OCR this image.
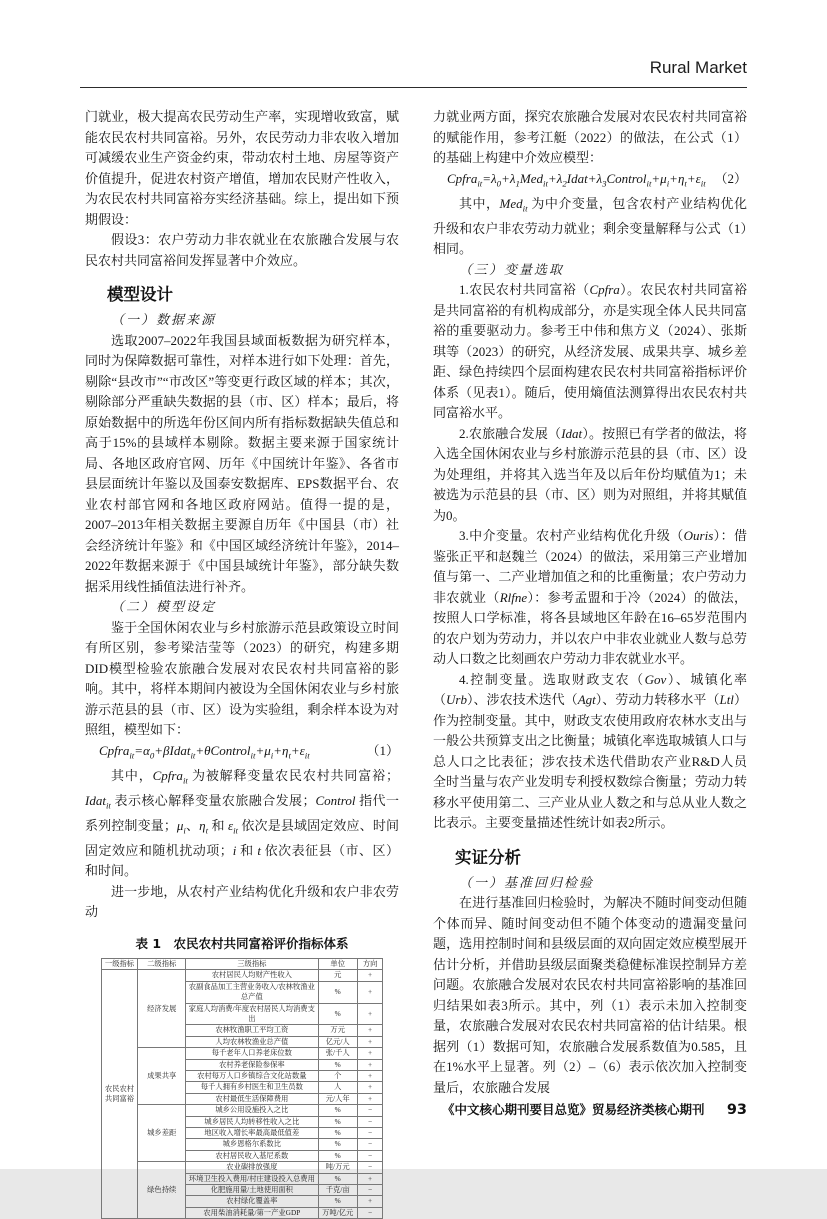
Rural Market

门就业，极大提高农民劳动生产率，实现增收致富，赋能农民农村共同富裕。另外，农民劳动力非农收入增加可减缓农业生产资金约束，带动农村土地、房屋等资产价值提升，促进农村资产增值，增加农民财产性收入，为农民农村共同富裕夯实经济基础。综上，提出如下预期假设：

假设3：农户劳动力非农就业在农旅融合发展与农民农村共同富裕间发挥显著中介效应。

模型设计

（一）数据来源

选取2007–2022年我国县域面板数据为研究样本，同时为保障数据可靠性，对样本进行如下处理：首先，剔除“县改市”“市改区”等变更行政区域的样本；其次，剔除部分严重缺失数据的县（市、区）样本；最后，将原始数据中的所选年份区间内所有指标数据缺失值总和高于15%的县域样本剔除。数据主要来源于国家统计局、各地区政府官网、历年《中国统计年鉴》、各省市县层面统计年鉴以及国泰安数据库、EPS数据平台、农业农村部官网和各地区政府网站。值得一提的是，2007–2013年相关数据主要源自历年《中国县（市）社会经济统计年鉴》和《中国区域经济统计年鉴》，2014–2022年数据来源于《中国县域统计年鉴》，部分缺失数据采用线性插值法进行补齐。

（二）模型设定

鉴于全国休闲农业与乡村旅游示范县政策设立时间有所区别，参考梁洁莹等（2023）的研究，构建多期DID模型检验农旅融合发展对农民农村共同富裕的影响。其中，将样本期间内被设为全国休闲农业与乡村旅游示范县的县（市、区）设为实验组，剩余样本设为对照组，模型如下：

$Cpfra_{it}=\alpha_0+\beta Idat_{it}+\theta Control_{it}+\mu_i+\eta_t+\varepsilon_{it}$	（1）

其中，Cpfra$_{it}$ 为被解释变量农民农村共同富裕；Idat$_{it}$ 表示核心解释变量农旅融合发展；Control 指代一系列控制变量；$\mu_i$、$\eta_t$ 和 $\varepsilon_{it}$ 依次是县域固定效应、时间固定效应和随机扰动项；i 和 t 依次表征县（市、区）和时间。

进一步地，从农村产业结构优化升级和农户非农劳动

表 1　农民农村共同富裕评价指标体系
一级指标	二级指标	三级指标	单位	方向
农民农村共同富裕	经济发展	农村居民人均财产性收入	元	+
		农副食品加工主营业务收入/农林牧渔业总产值	%	+
		家庭人均消费/年度农村居民人均消费支出	%	+
		农林牧渔职工平均工资	万元	+
		人均农林牧渔业总产值	亿元/人	+
	成果共享	每千老年人口养老床位数	张/千人	+
		农村养老保险参保率	%	+
		农村每万人口乡镇综合文化站数量	个	+
		每千人拥有乡村医生和卫生员数	人	+
		农村最低生活保障费用	元/人年	+
	城乡差距	城乡公用设施投入之比	%	−
		城乡居民人均转移性收入之比	%	−
		地区收入增长率最高最低值差	%	−
		城乡恩格尔系数比	%	−
		农村居民收入基尼系数	%	−
	绿色持续	农业碳排放强度	吨/万元	−
		环境卫生投入费用/村庄建设投入总费用	%	+
		化肥施用量/土地使用面积	千克/亩	−
		农村绿化覆盖率	%	+
		农用柴油消耗量/第一产业GDP	万吨/亿元	−

力就业两方面，探究农旅融合发展对农民农村共同富裕的赋能作用，参考江艇（2022）的做法，在公式（1）的基础上构建中介效应模型：

$Cpfra_{it}=\lambda_0+\lambda_1Med_{it}+\lambda_2Idat+\lambda_3Control_{it}+\mu_i+\eta_t+\varepsilon_{it}$ （2）

其中，Med$_{it}$ 为中介变量，包含农村产业结构优化升级和农户非农劳动力就业；剩余变量解释与公式（1）相同。

（三）变量选取

1.农民农村共同富裕（Cpfra）。农民农村共同富裕是共同富裕的有机构成部分，亦是实现全体人民共同富裕的重要驱动力。参考王中伟和焦方义（2024）、张斯琪等（2023）的研究，从经济发展、成果共享、城乡差距、绿色持续四个层面构建农民农村共同富裕指标评价体系（见表1）。随后，使用熵值法测算得出农民农村共同富裕水平。

2.农旅融合发展（Idat）。按照已有学者的做法，将入选全国休闲农业与乡村旅游示范县的县（市、区）设为处理组，并将其入选当年及以后年份均赋值为1；未被选为示范县的县（市、区）则为对照组，并将其赋值为0。

3.中介变量。农村产业结构优化升级（Ouris）：借鉴张正平和赵魏兰（2024）的做法，采用第三产业增加值与第一、二产业增加值之和的比重衡量；农户劳动力非农就业（Rlfne）：参考孟盟和于冷（2024）的做法，按照人口学标准，将各县域地区年龄在16–65岁范围内的农户划为劳动力，并以农户中非农业就业人数与总劳动人口数之比刻画农户劳动力非农就业水平。

4.控制变量。选取财政支农（Gov）、城镇化率（Urb）、涉农技术迭代（Agt）、劳动力转移水平（Ltl）作为控制变量。其中，财政支农使用政府农林水支出与一般公共预算支出之比衡量；城镇化率选取城镇人口与总人口之比表征；涉农技术迭代借助农产业R&D人员全时当量与农产业发明专利授权数综合衡量；劳动力转移水平使用第二、三产业从业人数之和与总从业人数之比表示。主要变量描述性统计如表2所示。

实证分析

（一）基准回归检验

在进行基准回归检验时，为解决不随时间变动但随个体而异、随时间变动但不随个体变动的遗漏变量问题，选用控制时间和县级层面的双向固定效应模型展开估计分析，并借助县级层面聚类稳健标准误控制异方差问题。农旅融合发展对农民农村共同富裕影响的基准回归结果如表3所示。其中，列（1）表示未加入控制变量，农旅融合发展对农民农村共同富裕的估计结果。根据列（1）数据可知，农旅融合发展系数值为0.585，且在1%水平上显著。列（2）–（6）表示依次加入控制变量后，农旅融合发展

《中文核心期刊要目总览》贸易经济类核心期刊 93
